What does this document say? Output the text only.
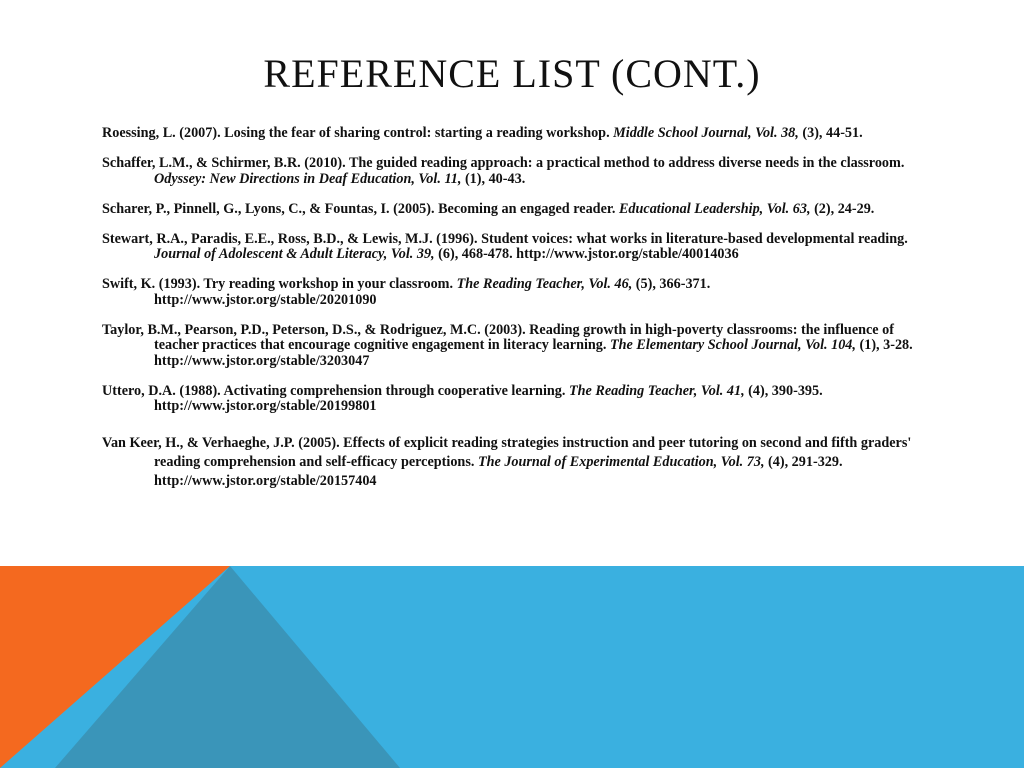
REFERENCE LIST (CONT.)
Roessing, L. (2007). Losing the fear of sharing control: starting a reading workshop. Middle School Journal, Vol. 38, (3), 44-51.
Schaffer, L.M., & Schirmer, B.R. (2010). The guided reading approach: a practical method to address diverse needs in the classroom. Odyssey: New Directions in Deaf Education, Vol. 11, (1), 40-43.
Scharer, P., Pinnell, G., Lyons, C., & Fountas, I. (2005). Becoming an engaged reader. Educational Leadership, Vol. 63, (2), 24-29.
Stewart, R.A., Paradis, E.E., Ross, B.D., & Lewis, M.J. (1996). Student voices: what works in literature-based developmental reading. Journal of Adolescent & Adult Literacy, Vol. 39, (6), 468-478. http://www.jstor.org/stable/40014036
Swift, K. (1993). Try reading workshop in your classroom. The Reading Teacher, Vol. 46, (5), 366-371. http://www.jstor.org/stable/20201090
Taylor, B.M., Pearson, P.D., Peterson, D.S., & Rodriguez, M.C. (2003). Reading growth in high-poverty classrooms: the influence of teacher practices that encourage cognitive engagement in literacy learning. The Elementary School Journal, Vol. 104, (1), 3-28. http://www.jstor.org/stable/3203047
Uttero, D.A. (1988). Activating comprehension through cooperative learning. The Reading Teacher, Vol. 41, (4), 390-395. http://www.jstor.org/stable/20199801
Van Keer, H., & Verhaeghe, J.P. (2005). Effects of explicit reading strategies instruction and peer tutoring on second and fifth graders' reading comprehension and self-efficacy perceptions. The Journal of Experimental Education, Vol. 73, (4), 291-329. http://www.jstor.org/stable/20157404
